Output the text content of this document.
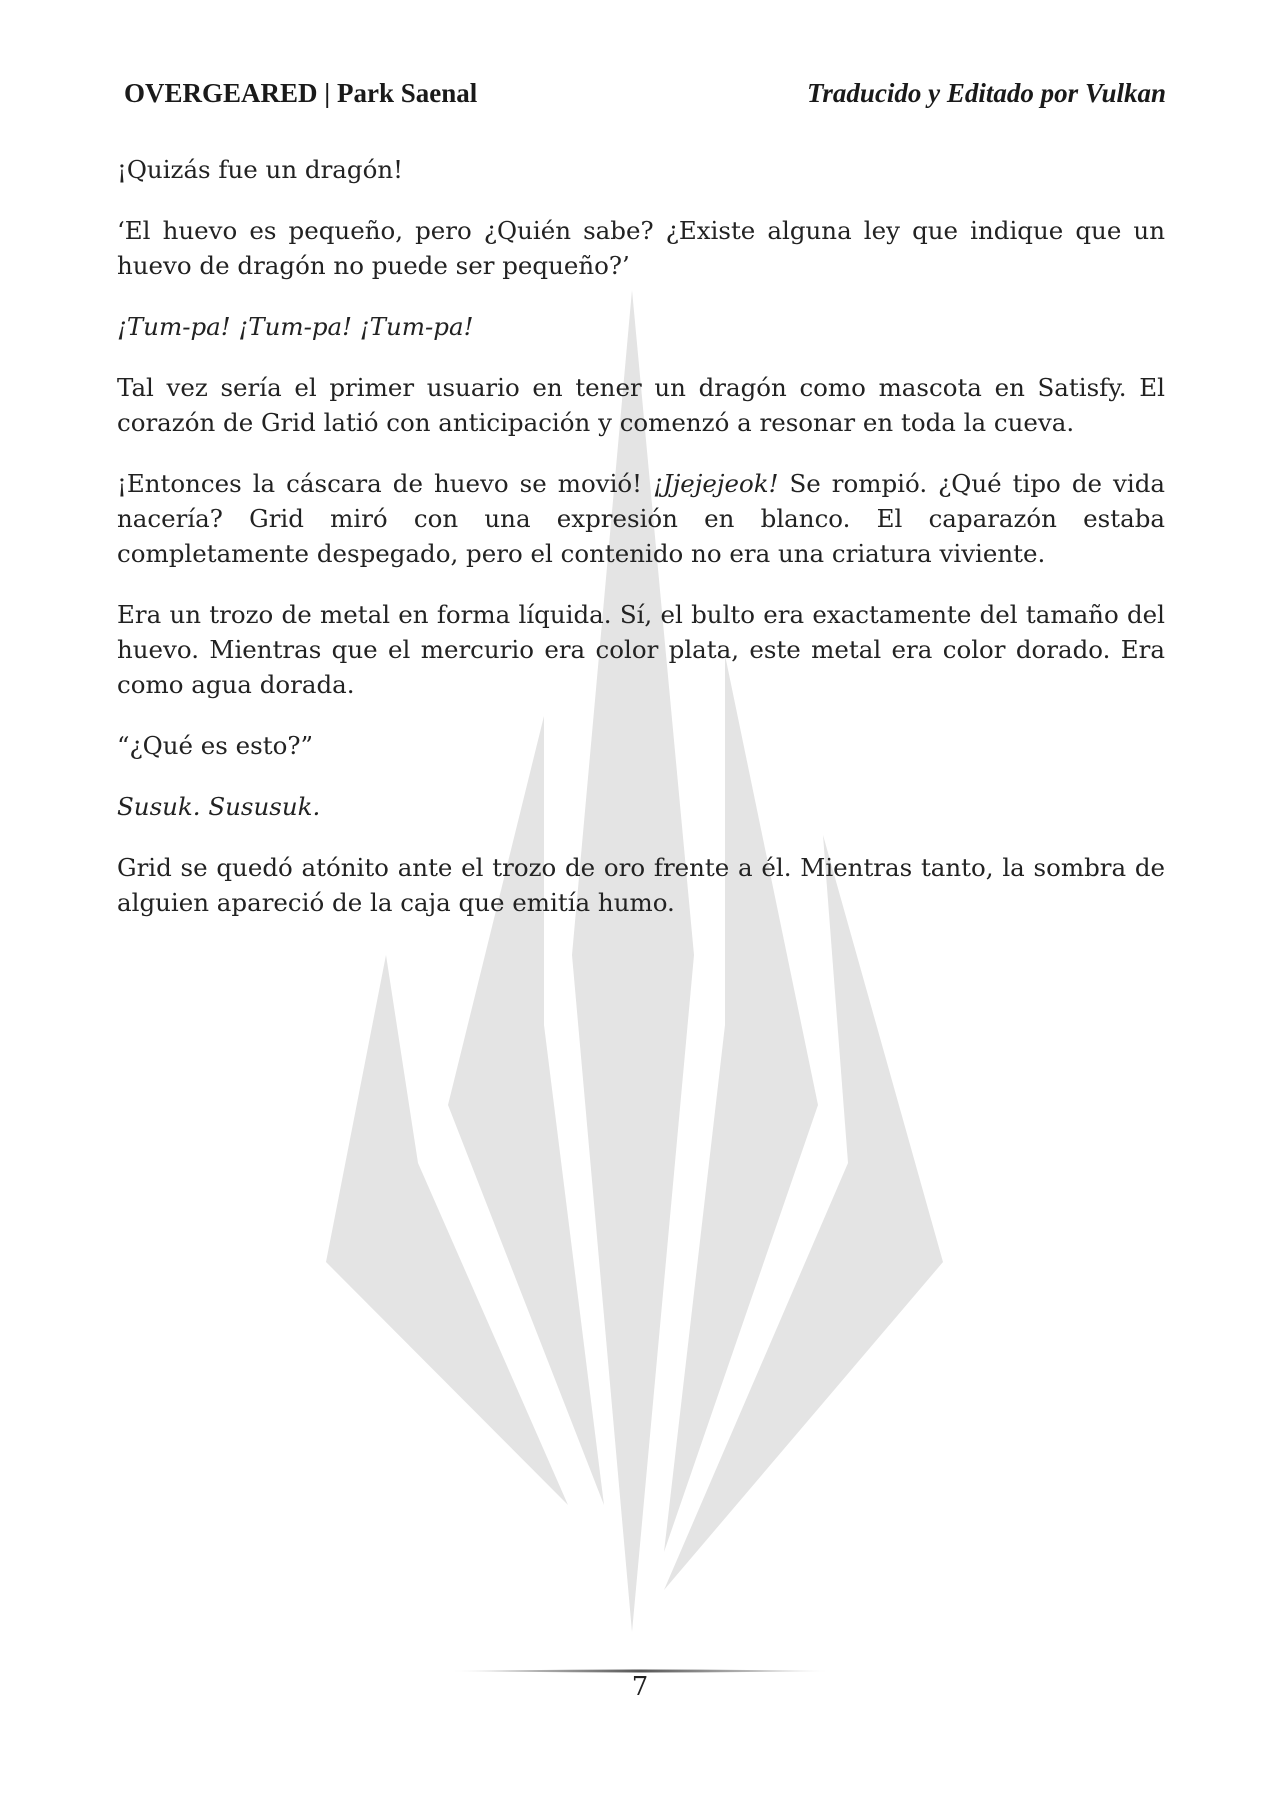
OVERGEARED | Park Saenal	Traducido y Editado por Vulkan

¡Quizás fue un dragón!

‘El huevo es pequeño, pero ¿Quién sabe? ¿Existe alguna ley que indique que un huevo de dragón no puede ser pequeño?’

¡Tum-pa! ¡Tum-pa! ¡Tum-pa!

Tal vez sería el primer usuario en tener un dragón como mascota en Satisfy. El corazón de Grid latió con anticipación y comenzó a resonar en toda la cueva.

¡Entonces la cáscara de huevo se movió! ¡Jjejejeok! Se rompió. ¿Qué tipo de vida nacería? Grid miró con una expresión en blanco. El caparazón estaba completamente despegado, pero el contenido no era una criatura viviente.

Era un trozo de metal en forma líquida. Sí, el bulto era exactamente del tamaño del huevo. Mientras que el mercurio era color plata, este metal era color dorado. Era como agua dorada.

“¿Qué es esto?”

Susuk. Sususuk.

Grid se quedó atónito ante el trozo de oro frente a él. Mientras tanto, la sombra de alguien apareció de la caja que emitía humo.

7
